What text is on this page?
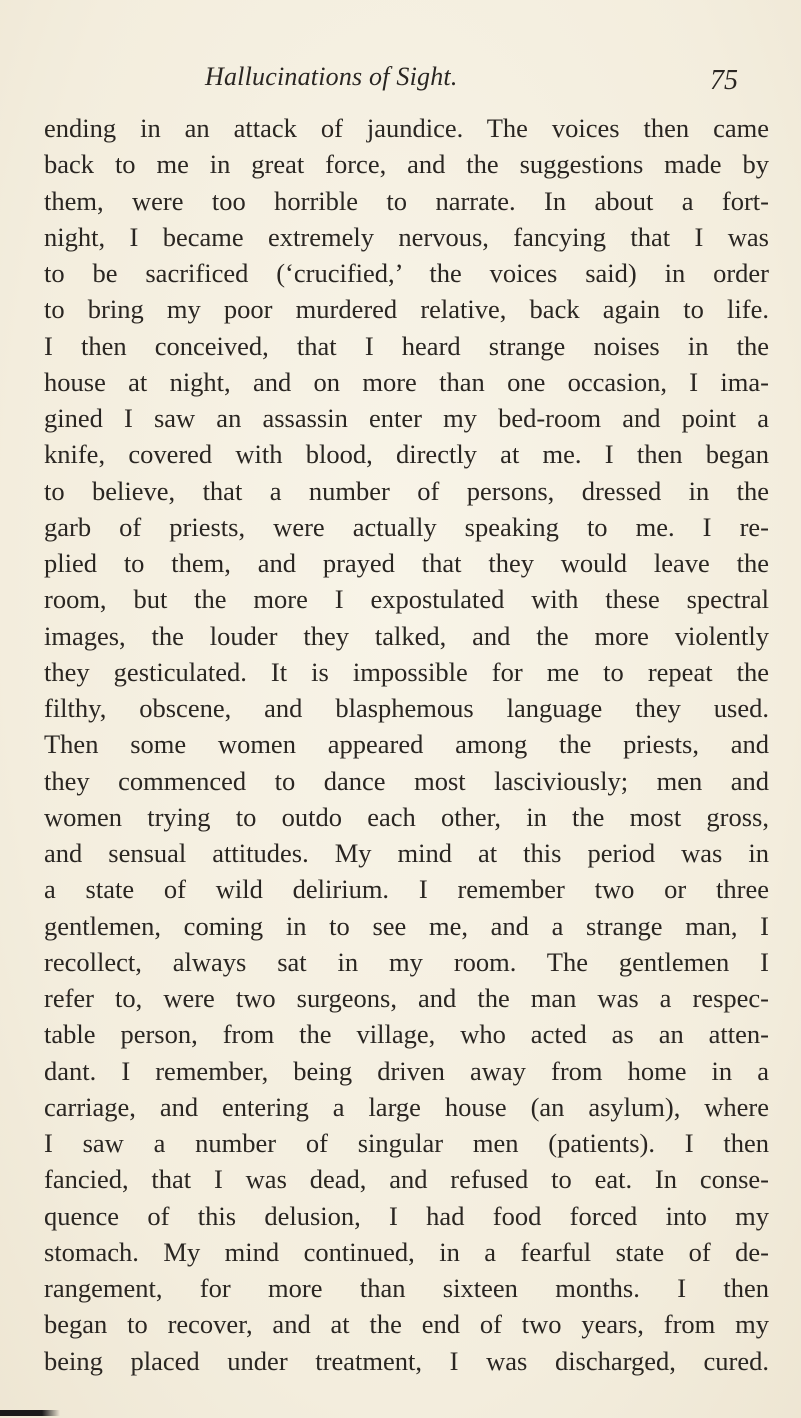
Hallucinations of Sight.	75
ending in an attack of jaundice. The voices then came
back to me in great force, and the suggestions made by
them, were too horrible to narrate. In about a fort-
night, I became extremely nervous, fancying that I was
to be sacrificed (‘crucified,’ the voices said) in order
to bring my poor murdered relative, back again to life.
I then conceived, that I heard strange noises in the
house at night, and on more than one occasion, I ima-
gined I saw an assassin enter my bed-room and point a
knife, covered with blood, directly at me. I then began
to believe, that a number of persons, dressed in the
garb of priests, were actually speaking to me. I re-
plied to them, and prayed that they would leave the
room, but the more I expostulated with these spectral
images, the louder they talked, and the more violently
they gesticulated. It is impossible for me to repeat the
filthy, obscene, and blasphemous language they used.
Then some women appeared among the priests, and
they commenced to dance most lasciviously; men and
women trying to outdo each other, in the most gross,
and sensual attitudes. My mind at this period was in
a state of wild delirium. I remember two or three
gentlemen, coming in to see me, and a strange man, I
recollect, always sat in my room. The gentlemen I
refer to, were two surgeons, and the man was a respec-
table person, from the village, who acted as an atten-
dant. I remember, being driven away from home in a
carriage, and entering a large house (an asylum), where
I saw a number of singular men (patients). I then
fancied, that I was dead, and refused to eat. In conse-
quence of this delusion, I had food forced into my
stomach. My mind continued, in a fearful state of de-
rangement, for more than sixteen months. I then
began to recover, and at the end of two years, from my
being placed under treatment, I was discharged, cured.
